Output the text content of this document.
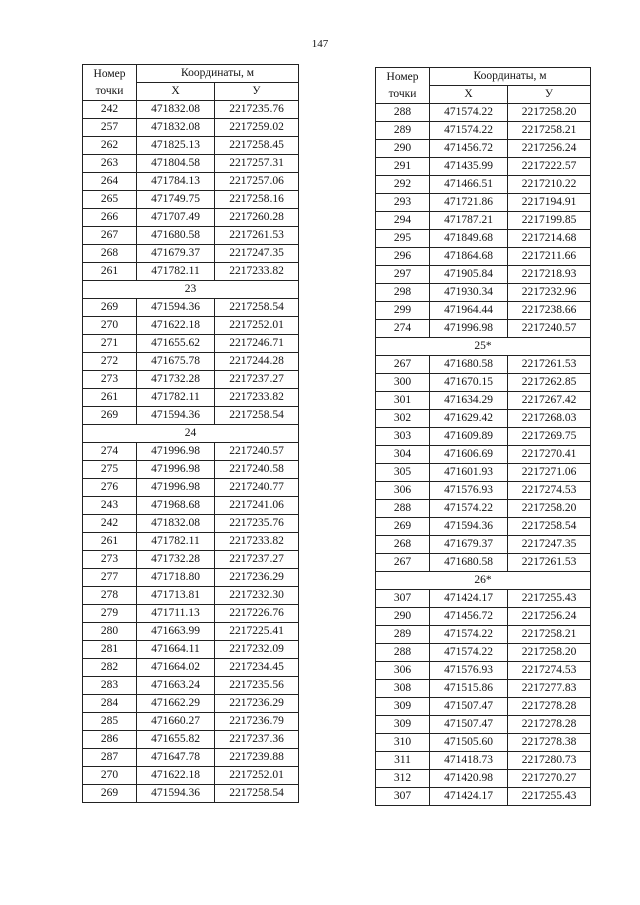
147
Номер
точки	Координаты, м	
	X	У
242	471832.08	2217235.76
257	471832.08	2217259.02
262	471825.13	2217258.45
263	471804.58	2217257.31
264	471784.13	2217257.06
265	471749.75	2217258.16
266	471707.49	2217260.28
267	471680.58	2217261.53
268	471679.37	2217247.35
261	471782.11	2217233.82
23		
269	471594.36	2217258.54
270	471622.18	2217252.01
271	471655.62	2217246.71
272	471675.78	2217244.28
273	471732.28	2217237.27
261	471782.11	2217233.82
269	471594.36	2217258.54
24		
274	471996.98	2217240.57
275	471996.98	2217240.58
276	471996.98	2217240.77
243	471968.68	2217241.06
242	471832.08	2217235.76
261	471782.11	2217233.82
273	471732.28	2217237.27
277	471718.80	2217236.29
278	471713.81	2217232.30
279	471711.13	2217226.76
280	471663.99	2217225.41
281	471664.11	2217232.09
282	471664.02	2217234.45
283	471663.24	2217235.56
284	471662.29	2217236.29
285	471660.27	2217236.79
286	471655.82	2217237.36
287	471647.78	2217239.88
270	471622.18	2217252.01
269	471594.36	2217258.54
Номер
точки	Координаты, м	
	X	У
288	471574.22	2217258.20
289	471574.22	2217258.21
290	471456.72	2217256.24
291	471435.99	2217222.57
292	471466.51	2217210.22
293	471721.86	2217194.91
294	471787.21	2217199.85
295	471849.68	2217214.68
296	471864.68	2217211.66
297	471905.84	2217218.93
298	471930.34	2217232.96
299	471964.44	2217238.66
274	471996.98	2217240.57
25*		
267	471680.58	2217261.53
300	471670.15	2217262.85
301	471634.29	2217267.42
302	471629.42	2217268.03
303	471609.89	2217269.75
304	471606.69	2217270.41
305	471601.93	2217271.06
306	471576.93	2217274.53
288	471574.22	2217258.20
269	471594.36	2217258.54
268	471679.37	2217247.35
267	471680.58	2217261.53
26*		
307	471424.17	2217255.43
290	471456.72	2217256.24
289	471574.22	2217258.21
288	471574.22	2217258.20
306	471576.93	2217274.53
308	471515.86	2217277.83
309	471507.47	2217278.28
309	471507.47	2217278.28
310	471505.60	2217278.38
311	471418.73	2217280.73
312	471420.98	2217270.27
307	471424.17	2217255.43
